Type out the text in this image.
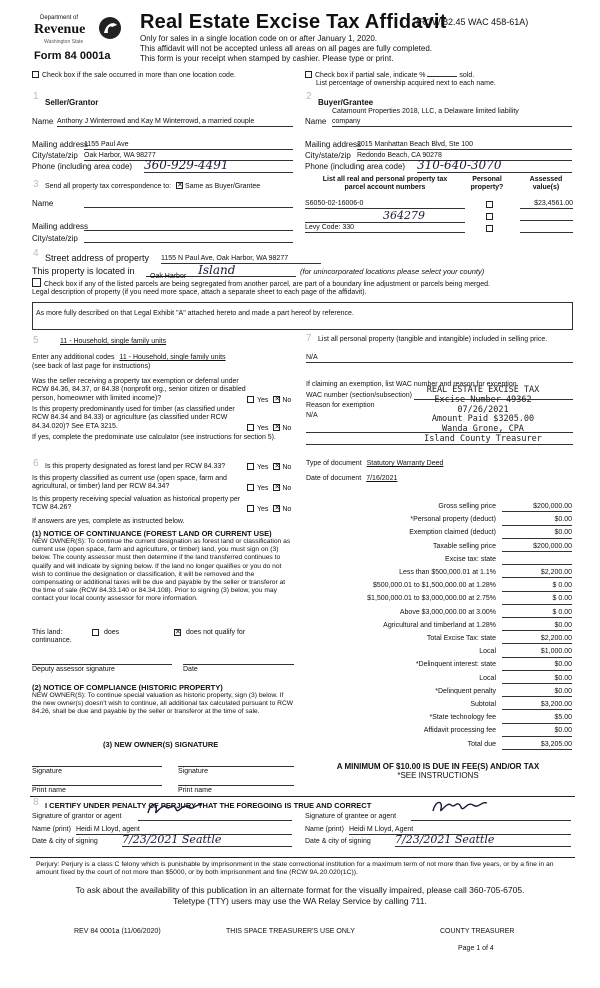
Department of
Revenue
Washington State
Form 84 0001a
Real Estate Excise Tax Affidavit
(RCW 82.45 WAC 458-61A)
Only for sales in a single location code on or after January 1, 2020.
This affidavit will not be accepted unless all areas on all pages are fully completed.
This form is your receipt when stamped by cashier. Please type or print.
Check box if the sale occurred in more than one location code.	Check box if partial sale, indicate %	sold.
List percentage of ownership acquired next to each name.
1
Seller/Grantor
Name Anthony J Winterrowd and Kay M Winterrowd, a married couple
Mailing address
1155 Paul Ave
City/state/zip Oak Harbor, WA 98277
Phone (including area code) 360-929-4491
3 Send all property tax correspondence to: ✕ Same as Buyer/Grantee
Name
Mailing address
City/state/zip
2
Buyer/Grantee
Catamount Properties 2018, LLC, a Delaware limited liability
Name company
Mailing address
2015 Manhattan Beach Blvd, Ste 100
City/state/zip Redondo Beach, CA 90278
Phone (including area code) 310-640-3070
List all real and personal property tax
parcel account numbers
Personal
property?
Assessed
value(s)
S6050-02-16006-0	$23,4561.00
364279
Levy Code: 330
4 Street address of property 1155 N Paul Ave, Oak Harbor, WA 98277
This property is located in
Oak Harbor Island	(for unincorporated locations please select your county)
Check box if any of the listed parcels are being segregated from another parcel, are part of a boundary line adjustment or parcels being merged.
Legal description of property (if you need more space, attach a separate sheet to each page of the affidavit).
As more fully described on that Legal Exhibit "A" attached hereto and made a part hereof by reference.
5	11 - Household, single family units
Enter any additional codes 11 - Household, single family units
(see back of last page for instructions)
Was the seller receiving a property tax exemption or deferral under RCW 84.36, 84.37, or 84.38 (nonprofit org., senior citizen or disabled person, homeowner with limited income)?	Yes ✕ No
Is this property predominantly used for timber (as classified under RCW 84.34 and 84.33) or agriculture (as classified under RCW 84.34.020)? See ETA 3215.	Yes ✕ No
If yes, complete the predominate use calculator (see instructions for section 5).
6 Is this property designated as forest land per RCW 84.33?	Yes ✕ No
Is this property classified as current use (open space, farm and agricultural, or timber) land per RCW 84.34?	Yes ✕ No
Is this property receiving special valuation as historical property per TCW 84.26?	Yes ✕ No
If answers are yes, complete as instructed below.
(1) NOTICE OF CONTINUANCE (FOREST LAND OR CURRENT USE)
NEW OWNER(S): To continue the current designation as forest land or classification as current use (open space, farm and agriculture, or timber) land, you must sign on (3) below. The county assessor must then determine if the land transferred continues to qualify and will indicate by signing below. If the land no longer qualifies or you do not wish to continue the designation or classification, it will be removed and the compensating or additional taxes will be due and payable by the seller or transferor at the time of sale (RCW 84.33.140 or 84.34.108). Prior to signing (3) below, you may contact your local county assessor for more information.
This land:	does ✕	does not qualify for
continuance.
Deputy assessor signature	Date
(2) NOTICE OF COMPLIANCE (HISTORIC PROPERTY)
NEW OWNER(S): To continue special valuation as historic property, sign (3) below. If the new owner(s) doesn't wish to continue, all additional tax calculated pursuant to RCW 84.26, shall be due and payable by the seller or transferor at the time of sale.
(3) NEW OWNER(S) SIGNATURE
Signature	Signature
Print name	Print name
7 List all personal property (tangible and intangible) included in selling price.
N/A
If claiming an exemption, list WAC number and reason for exception.
WAC number (section/subsection)
Reason for exemption
N/A
REAL ESTATE EXCISE TAX
Excise Number 49362
07/26/2021
Amount Paid $3205.00
Wanda Grone, CPA
Island County Treasurer
Type of document Statutory Warranty Deed
Date of document 7/16/2021
Gross selling price	$200,000.00
*Personal property (deduct)	$0.00
Exemption claimed (deduct)	$0.00
Taxable selling price	$200,000.00
Excise tax: state

Less than $500,000.01 at 1.1%	$2,200.00
$500,000.01 to $1,500,000.00 at 1.28%	$ 0.00
$1,500,000.01 to $3,000,000.00 at 2.75%	$ 0.00
Above $3,000,000.00 at 3.00%	$ 0.00
Agricultural and timberland at 1.28%	$0.00
Total Excise Tax: state	$2,200.00
Local	$1,000.00
*Delinquent interest: state	$0.00
Local	$0.00
*Delinquent penalty	$0.00
Subtotal	$3,200.00
*State technology fee	$5.00
Affidavit processing fee	$0.00
Total due	$3,205.00
A MINIMUM OF $10.00 IS DUE IN FEE(S) AND/OR TAX
*SEE INSTRUCTIONS
8 I CERTIFY UNDER PENALTY OF PERJURY THAT THE FOREGOING IS TRUE AND CORRECT
Signature of grantor or agent
Name (print) Heidi M Lloyd, agent
Date & city of signing 7/23/2021 Seattle
Signature of grantee or agent
Name (print) Heidi M Lloyd, Agent
Date & city of signing 7/23/2021 Seattle
Perjury: Perjury is a class C felony which is punishable by imprisonment in the state correctional institution for a maximum term of not more than five years, or by a fine in an amount fixed by the court of not more than $5000, or by both imprisonment and fine (RCW 9A.20.020(1C)).
To ask about the availability of this publication in an alternate format for the visually impaired, please call 360-705-6705.
Teletype (TTY) users may use the WA Relay Service by calling 711.
REV 84 0001a (11/06/2020)	THIS SPACE TREASURER'S USE ONLY	COUNTY TREASURER
Page 1 of 4
